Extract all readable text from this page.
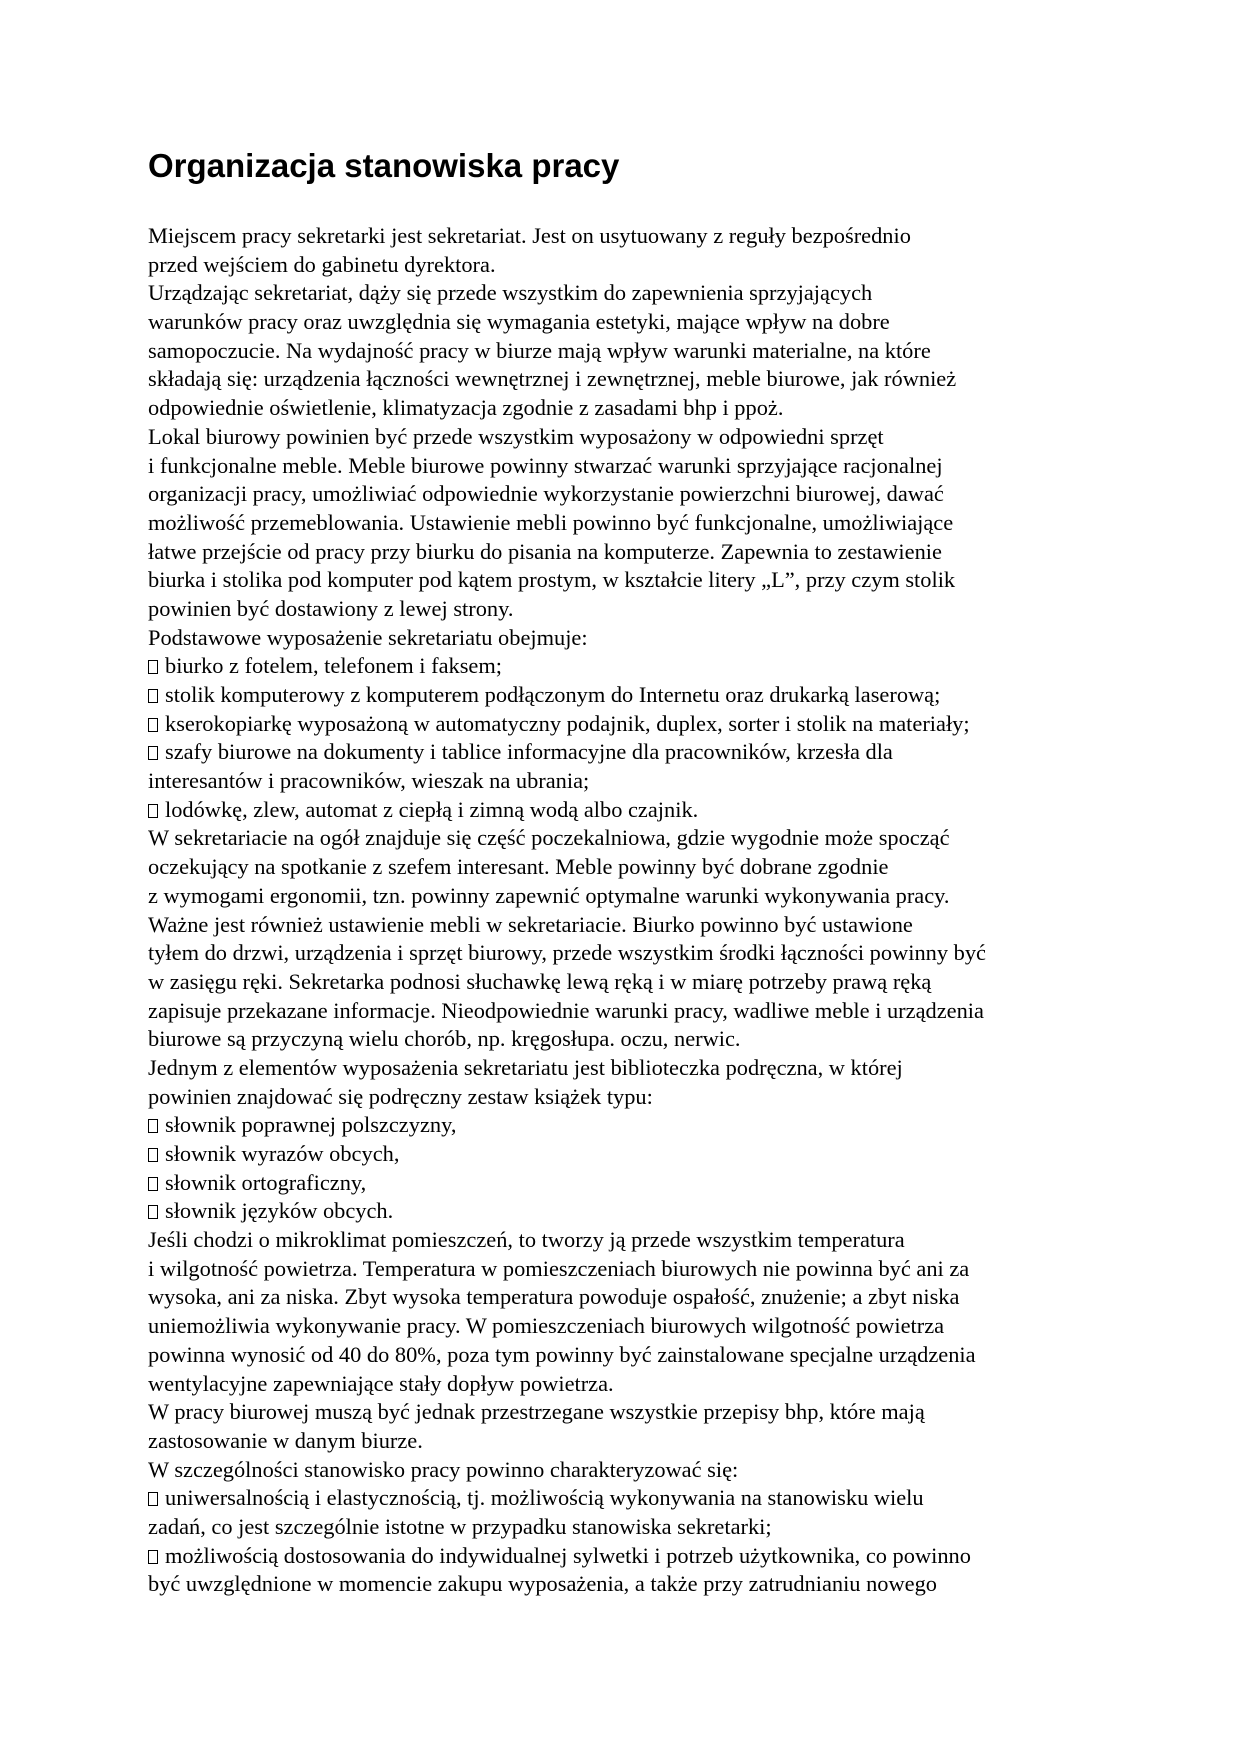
Organizacja stanowiska pracy
Miejscem pracy sekretarki jest sekretariat. Jest on usytuowany z reguły bezpośrednio
przed wejściem do gabinetu dyrektora.
Urządzając sekretariat, dąży się przede wszystkim do zapewnienia sprzyjających
warunków pracy oraz uwzględnia się wymagania estetyki, mające wpływ na dobre
samopoczucie. Na wydajność pracy w biurze mają wpływ warunki materialne, na które
składają się: urządzenia łączności wewnętrznej i zewnętrznej, meble biurowe, jak również
odpowiednie oświetlenie, klimatyzacja zgodnie z zasadami bhp i ppoż.
Lokal biurowy powinien być przede wszystkim wyposażony w odpowiedni sprzęt
i funkcjonalne meble. Meble biurowe powinny stwarzać warunki sprzyjające racjonalnej
organizacji pracy, umożliwiać odpowiednie wykorzystanie powierzchni biurowej, dawać
możliwość przemeblowania. Ustawienie mebli powinno być funkcjonalne, umożliwiające
łatwe przejście od pracy przy biurku do pisania na komputerze. Zapewnia to zestawienie
biurka i stolika pod komputer pod kątem prostym, w kształcie litery „L”, przy czym stolik
powinien być dostawiony z lewej strony.
Podstawowe wyposażenie sekretariatu obejmuje:
biurko z fotelem, telefonem i faksem;
stolik komputerowy z komputerem podłączonym do Internetu oraz drukarką laserową;
kserokopiarkę wyposażoną w automatyczny podajnik, duplex, sorter i stolik na materiały;
szafy biurowe na dokumenty i tablice informacyjne dla pracowników, krzesła dla
interesantów i pracowników, wieszak na ubrania;
lodówkę, zlew, automat z ciepłą i zimną wodą albo czajnik.
W sekretariacie na ogół znajduje się część poczekalniowa, gdzie wygodnie może spocząć
oczekujący na spotkanie z szefem interesant. Meble powinny być dobrane zgodnie
z wymogami ergonomii, tzn. powinny zapewnić optymalne warunki wykonywania pracy.
Ważne jest również ustawienie mebli w sekretariacie. Biurko powinno być ustawione
tyłem do drzwi, urządzenia i sprzęt biurowy, przede wszystkim środki łączności powinny być
w zasięgu ręki. Sekretarka podnosi słuchawkę lewą ręką i w miarę potrzeby prawą ręką
zapisuje przekazane informacje. Nieodpowiednie warunki pracy, wadliwe meble i urządzenia
biurowe są przyczyną wielu chorób, np. kręgosłupa. oczu, nerwic.
Jednym z elementów wyposażenia sekretariatu jest biblioteczka podręczna, w której
powinien znajdować się podręczny zestaw książek typu:
słownik poprawnej polszczyzny,
słownik wyrazów obcych,
słownik ortograficzny,
słownik języków obcych.
Jeśli chodzi o mikroklimat pomieszczeń, to tworzy ją przede wszystkim temperatura
i wilgotność powietrza. Temperatura w pomieszczeniach biurowych nie powinna być ani za
wysoka, ani za niska. Zbyt wysoka temperatura powoduje ospałość, znużenie; a zbyt niska
uniemożliwia wykonywanie pracy. W pomieszczeniach biurowych wilgotność powietrza
powinna wynosić od 40 do 80%, poza tym powinny być zainstalowane specjalne urządzenia
wentylacyjne zapewniające stały dopływ powietrza.
W pracy biurowej muszą być jednak przestrzegane wszystkie przepisy bhp, które mają
zastosowanie w danym biurze.
W szczególności stanowisko pracy powinno charakteryzować się:
uniwersalnością i elastycznością, tj. możliwością wykonywania na stanowisku wielu
zadań, co jest szczególnie istotne w przypadku stanowiska sekretarki;
możliwością dostosowania do indywidualnej sylwetki i potrzeb użytkownika, co powinno
być uwzględnione w momencie zakupu wyposażenia, a także przy zatrudnianiu nowego
